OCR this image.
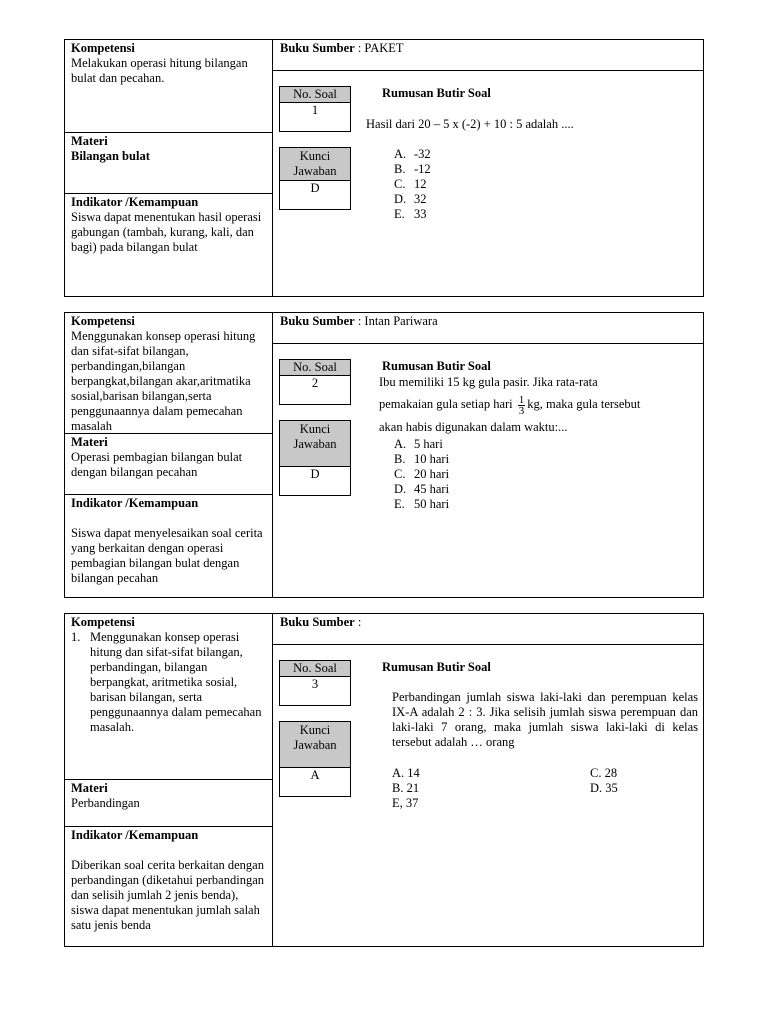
Kompetensi
Melakukan operasi hitung bilangan bulat dan pecahan.
Materi
Bilangan bulat
Indikator /Kemampuan
Siswa dapat menentukan hasil operasi gabungan (tambah, kurang, kali, dan bagi) pada bilangan bulat
Buku Sumber : PAKET
No. Soal
1
Kunci Jawaban
D
Rumusan Butir Soal
Hasil dari 20 – 5 x (-2) + 10 : 5 adalah ....
A. -32
B. -12
C. 12
D. 32
E. 33
Kompetensi
Menggunakan konsep operasi hitung dan sifat-sifat bilangan, perbandingan,bilangan berpangkat,bilangan akar,aritmatika sosial,barisan bilangan,serta penggunaannya dalam pemecahan masalah
Materi
Operasi pembagian bilangan bulat dengan bilangan pecahan
Indikator /Kemampuan
Siswa dapat menyelesaikan soal cerita yang berkaitan dengan operasi pembagian bilangan bulat dengan bilangan pecahan
Buku Sumber : Intan Pariwara
No. Soal
2
Kunci Jawaban
D
Rumusan Butir Soal
Ibu memiliki 15 kg gula pasir. Jika rata-rata
pemakaian gula setiap hari $\frac{1}{3}$ kg, maka gula tersebut
akan habis digunakan dalam waktu:...
A. 5 hari
B. 10 hari
C. 20 hari
D. 45 hari
E. 50 hari
Kompetensi
1. Menggunakan konsep operasi hitung dan sifat-sifat bilangan, perbandingan, bilangan berpangkat, aritmetika sosial, barisan bilangan, serta penggunaannya dalam pemecahan masalah.
Materi
Perbandingan
Indikator /Kemampuan
Diberikan soal cerita berkaitan dengan perbandingan (diketahui perbandingan dan selisih jumlah 2 jenis benda), siswa dapat menentukan jumlah salah satu jenis benda
Buku Sumber :
No. Soal
3
Kunci Jawaban
A
Rumusan Butir Soal
Perbandingan jumlah siswa laki-laki dan perempuan kelas IX-A adalah 2 : 3. Jika selisih jumlah siswa perempuan dan laki-laki 7 orang, maka jumlah siswa laki-laki di kelas tersebut adalah … orang
A. 14	C. 28
B. 21	D. 35
E, 37
